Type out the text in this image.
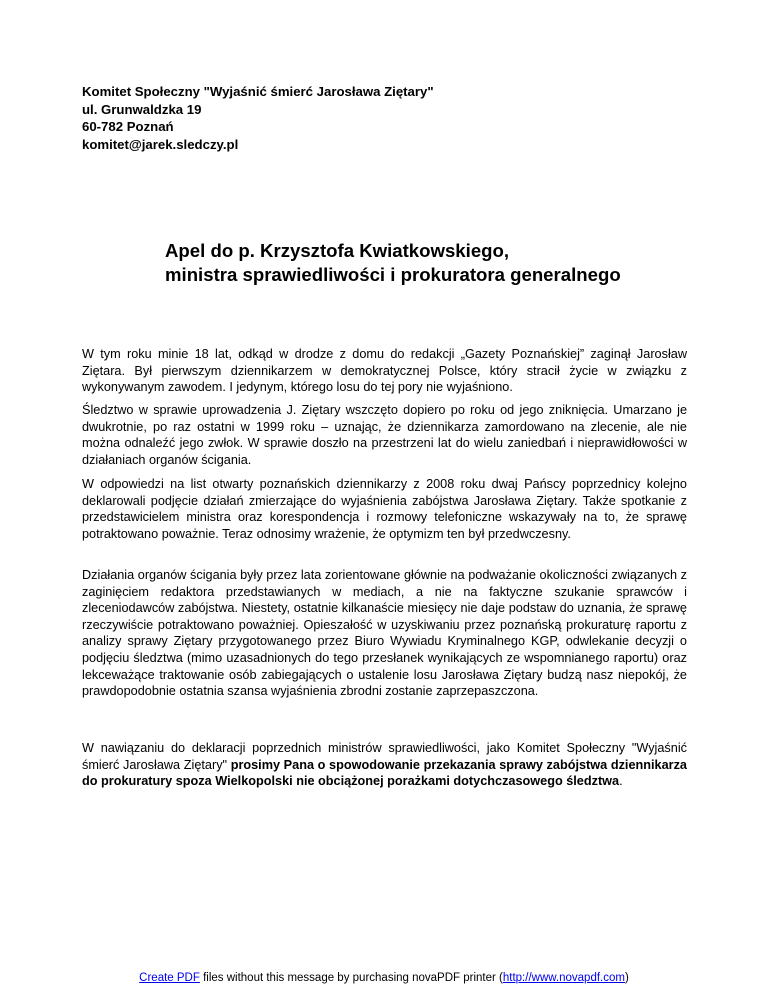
Komitet Społeczny "Wyjaśnić śmierć Jarosława Ziętary"
ul. Grunwaldzka 19
60-782 Poznań
komitet@jarek.sledczy.pl
Apel do p. Krzysztofa Kwiatkowskiego,
ministra sprawiedliwości i prokuratora generalnego

W tym roku minie 18 lat, odkąd w drodze z domu do redakcji „Gazety Poznańskiej” zaginął Jarosław Ziętara. Był pierwszym dziennikarzem w demokratycznej Polsce, który stracił życie w związku z wykonywanym zawodem. I jedynym, którego losu do tej pory nie wyjaśniono.

Śledztwo w sprawie uprowadzenia J. Ziętary wszczęto dopiero po roku od jego zniknięcia. Umarzano je dwukrotnie, po raz ostatni w 1999 roku – uznając, że dziennikarza zamordowano na zlecenie, ale nie można odnaleźć jego zwłok. W sprawie doszło na przestrzeni lat do wielu zaniedbań i nieprawidłowości w działaniach organów ścigania.

W odpowiedzi na list otwarty poznańskich dziennikarzy z 2008 roku dwaj Pańscy poprzednicy kolejno deklarowali podjęcie działań zmierzające do wyjaśnienia zabójstwa Jarosława Ziętary. Także spotkanie z przedstawicielem ministra oraz korespondencja i rozmowy telefoniczne wskazywały na to, że sprawę potraktowano poważnie. Teraz odnosimy wrażenie, że optymizm ten był przedwczesny.

Działania organów ścigania były przez lata zorientowane głównie na podważanie okoliczności związanych z zaginięciem redaktora przedstawianych w mediach, a nie na faktyczne szukanie sprawców i zleceniodawców zabójstwa. Niestety, ostatnie kilkanaście miesięcy nie daje podstaw do uznania, że sprawę rzeczywiście potraktowano poważniej. Opieszałość w uzyskiwaniu przez poznańską prokuraturę raportu z analizy sprawy Ziętary przygotowanego przez Biuro Wywiadu Kryminalnego KGP, odwlekanie decyzji o podjęciu śledztwa (mimo uzasadnionych do tego przesłanek wynikających ze wspomnianego raportu) oraz lekceważące traktowanie osób zabiegających o ustalenie losu Jarosława Ziętary budzą nasz niepokój, że prawdopodobnie ostatnia szansa wyjaśnienia zbrodni zostanie zaprzepaszczona.

W nawiązaniu do deklaracji poprzednich ministrów sprawiedliwości, jako Komitet Społeczny "Wyjaśnić śmierć Jarosława Ziętary" prosimy Pana o spowodowanie przekazania sprawy zabójstwa dziennikarza do prokuratury spoza Wielkopolski nie obciążonej porażkami dotychczasowego śledztwa.

Create PDF files without this message by purchasing novaPDF printer (http://www.novapdf.com)
